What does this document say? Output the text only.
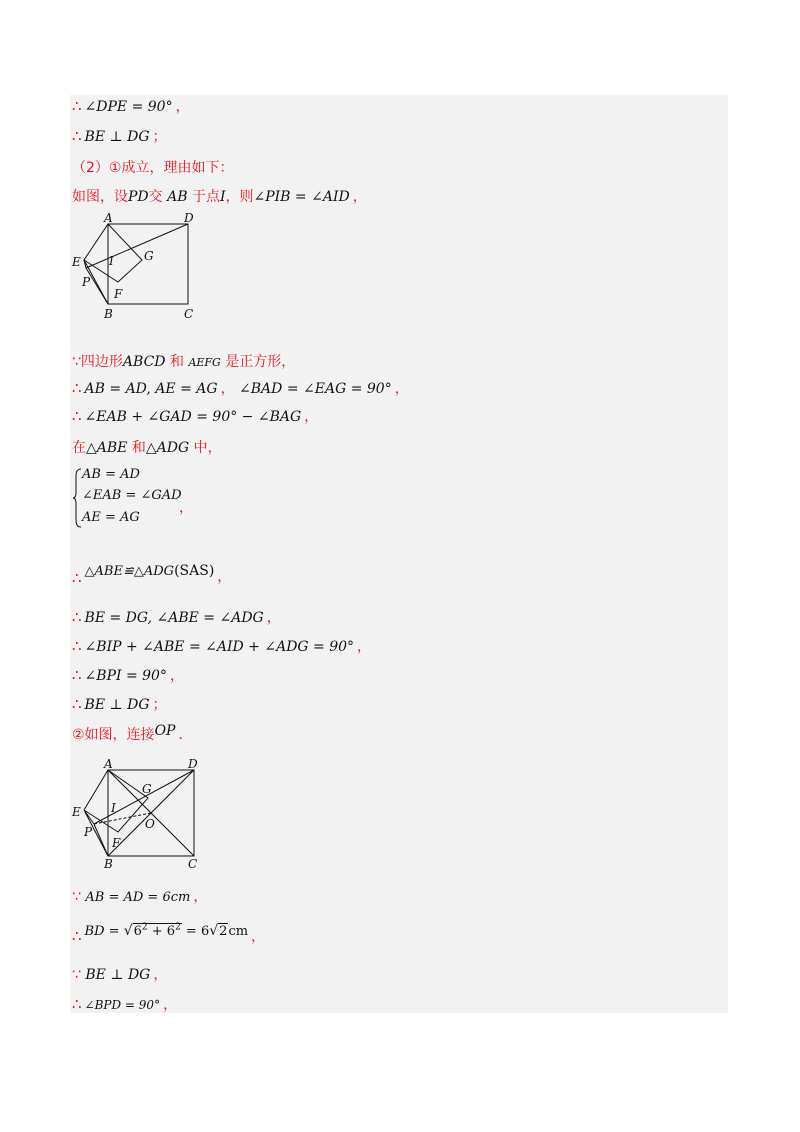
∴ ∠DPE = 90° ，
∴ BE ⊥ DG ；
（2）①成立，理由如下：
如图，设PD交 AB 于点I，则∠PIB = ∠AID ，
A	D
E	G
I
P
F
B	C
∵四边形ABCD 和 AEFG 是正方形，
∴ AB = AD, AE = AG ， ∠BAD = ∠EAG = 90° ，
∴ ∠EAB + ∠GAD = 90° − ∠BAG ，
在△ABE 和△ADG 中，
AB = AD
∠EAB = ∠GAD
AE = AG
，
∴ △ABE≌△ADG(SAS) ，
∴ BE = DG, ∠ABE = ∠ADG ，
∴ ∠BIP + ∠ABE = ∠AID + ∠ADG = 90° ，
∴ ∠BPI = 90° ，
∴ BE ⊥ DG ；
②如图，连接OP ．
A	D
E
G
I
P
O
F
B	C
∵ AB = AD = 6cm ，
∴ BD = $√6^2 + 6^2 = 6√2cm$ ，
∵ BE ⊥ DG ，
∴ ∠BPD = 90° ，
